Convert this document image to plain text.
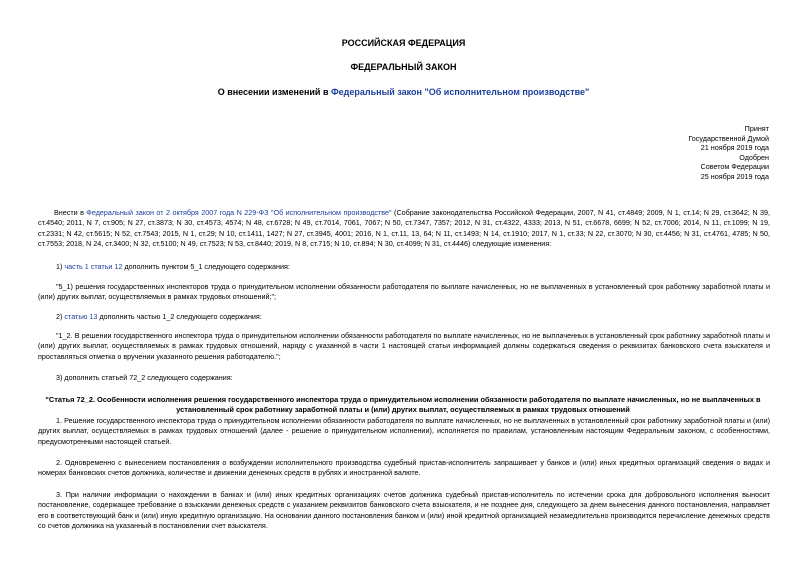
РОССИЙСКАЯ ФЕДЕРАЦИЯ
ФЕДЕРАЛЬНЫЙ ЗАКОН
О внесении изменений в Федеральный закон "Об исполнительном производстве"
Принят
Государственной Думой
21 ноября 2019 года
Одобрен
Советом Федерации
25 ноября 2019 года
Внести в Федеральный закон от 2 октября 2007 года N 229-ФЗ "Об исполнительном производстве" (Собрание законодательства Российской Федерации, 2007, N 41, ст.4849; 2009, N 1, ст.14; N 29, ст.3642; N 39, ст.4540; 2011, N 7, ст.905; N 27, ст.3873; N 30, ст.4573, 4574; N 48, ст.6728; N 49, ст.7014, 7061, 7067; N 50, ст.7347, 7357; 2012, N 31, ст.4322, 4333; 2013, N 51, ст.6678, 6699; N 52, ст.7006; 2014, N 11, ст.1099; N 19, ст.2331; N 42, ст.5615; N 52, ст.7543; 2015, N 1, ст.29; N 10, ст.1411, 1427; N 27, ст.3945, 4001; 2016, N 1, ст.11, 13, 64; N 11, ст.1493; N 14, ст.1910; 2017, N 1, ст.33; N 22, ст.3070; N 30, ст.4456; N 31, ст.4761, 4785; N 50, ст.7553; 2018, N 24, ст.3400; N 32, ст.5100; N 49, ст.7523; N 53, ст.8440; 2019, N 8, ст.715; N 10, ст.894; N 30, ст.4099; N 31, ст.4446) следующие изменения:
1) часть 1 статьи 12 дополнить пунктом 5_1 следующего содержания:
"5_1) решения государственных инспекторов труда о принудительном исполнении обязанности работодателя по выплате начисленных, но не выплаченных в установленный срок работнику заработной платы и (или) других выплат, осуществляемых в рамках трудовых отношений;";
2) статью 13 дополнить частью 1_2 следующего содержания:
"1_2. В решении государственного инспектора труда о принудительном исполнении обязанности работодателя по выплате начисленных, но не выплаченных в установленный срок работнику заработной платы и (или) других выплат, осуществляемых в рамках трудовых отношений, наряду с указанной в части 1 настоящей статьи информацией должны содержаться сведения о реквизитах банковского счета взыскателя и проставляться отметка о вручении указанного решения работодателю.";
3) дополнить статьей 72_2 следующего содержания:
"Статья 72_2. Особенности исполнения решения государственного инспектора труда о принудительном исполнении обязанности работодателя по выплате начисленных, но не выплаченных в установленный срок работнику заработной платы и (или) других выплат, осуществляемых в рамках трудовых отношений
1. Решение государственного инспектора труда о принудительном исполнении обязанности работодателя по выплате начисленных, но не выплаченных в установленный срок работнику заработной платы и (или) других выплат, осуществляемых в рамках трудовых отношений (далее - решение о принудительном исполнении), исполняется по правилам, установленным настоящим Федеральным законом, с особенностями, предусмотренными настоящей статьей.
2. Одновременно с вынесением постановления о возбуждении исполнительного производства судебный пристав-исполнитель запрашивает у банков и (или) иных кредитных организаций сведения о видах и номерах банковских счетов должника, количестве и движении денежных средств в рублях и иностранной валюте.
3. При наличии информации о нахождении в банках и (или) иных кредитных организациях счетов должника судебный пристав-исполнитель по истечении срока для добровольного исполнения выносит постановление, содержащее требование о взыскании денежных средств с указанием реквизитов банковского счета взыскателя, и не позднее дня, следующего за днем вынесения данного постановления, направляет его в соответствующий банк и (или) иную кредитную организацию. На основании данного постановления банком и (или) иной кредитной организацией незамедлительно производится перечисление денежных средств со счетов должника на указанный в постановлении счет взыскателя.
